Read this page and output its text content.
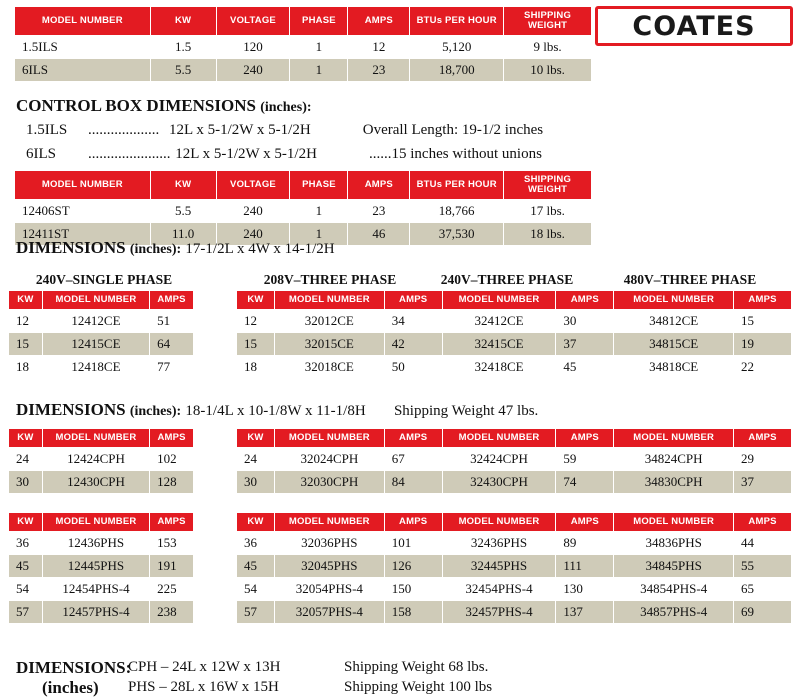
COATES
MODEL NUMBER	KW	VOLTAGE	PHASE	AMPS	BTUs PER HOUR	SHIPPING WEIGHT
1.5ILS	1.5	120	1	12	5,120	9 lbs.
6ILS	5.5	240	1	23	18,700	10 lbs.
CONTROL BOX DIMENSIONS (inches):
1.5ILS ................... 12L x 5-1/2W x 5-1/2H	Overall Length: 19-1/2 inches
6ILS ...................... 12L x 5-1/2W x 5-1/2H	......15 inches without unions
MODEL NUMBER	KW	VOLTAGE	PHASE	AMPS	BTUs PER HOUR	SHIPPING WEIGHT
12406ST	5.5	240	1	23	18,766	17 lbs.
12411ST	11.0	240	1	46	37,530	18 lbs.
DIMENSIONS (inches): 17-1/2L x 4W x 14-1/2H
240V–SINGLE PHASE	208V–THREE PHASE	240V–THREE PHASE	480V–THREE PHASE
KW	MODEL NUMBER	AMPS
12	12412CE	51
15	12415CE	64
18	12418CE	77
KW	MODEL NUMBER	AMPS	MODEL NUMBER	AMPS	MODEL NUMBER	AMPS
12	32012CE	34	32412CE	30	34812CE	15
15	32015CE	42	32415CE	37	34815CE	19
18	32018CE	50	32418CE	45	34818CE	22
DIMENSIONS (inches): 18-1/4L x 10-1/8W x 11-1/8H Shipping Weight 47 lbs.
KW	MODEL NUMBER	AMPS
24	12424CPH	102
30	12430CPH	128
KW	MODEL NUMBER	AMPS	MODEL NUMBER	AMPS	MODEL NUMBER	AMPS
24	32024CPH	67	32424CPH	59	34824CPH	29
30	32030CPH	84	32430CPH	74	34830CPH	37
KW	MODEL NUMBER	AMPS
36	12436PHS	153
45	12445PHS	191
54	12454PHS-4	225
57	12457PHS-4	238
KW	MODEL NUMBER	AMPS	MODEL NUMBER	AMPS	MODEL NUMBER	AMPS
36	32036PHS	101	32436PHS	89	34836PHS	44
45	32045PHS	126	32445PHS	111	34845PHS	55
54	32054PHS-4	150	32454PHS-4	130	34854PHS-4	65
57	32057PHS-4	158	32457PHS-4	137	34857PHS-4	69
DIMENSIONS:
(inches)
CPH – 24L x 12W x 13H	Shipping Weight 68 lbs.
PHS – 28L x 16W x 15H	Shipping Weight 100 lbs
